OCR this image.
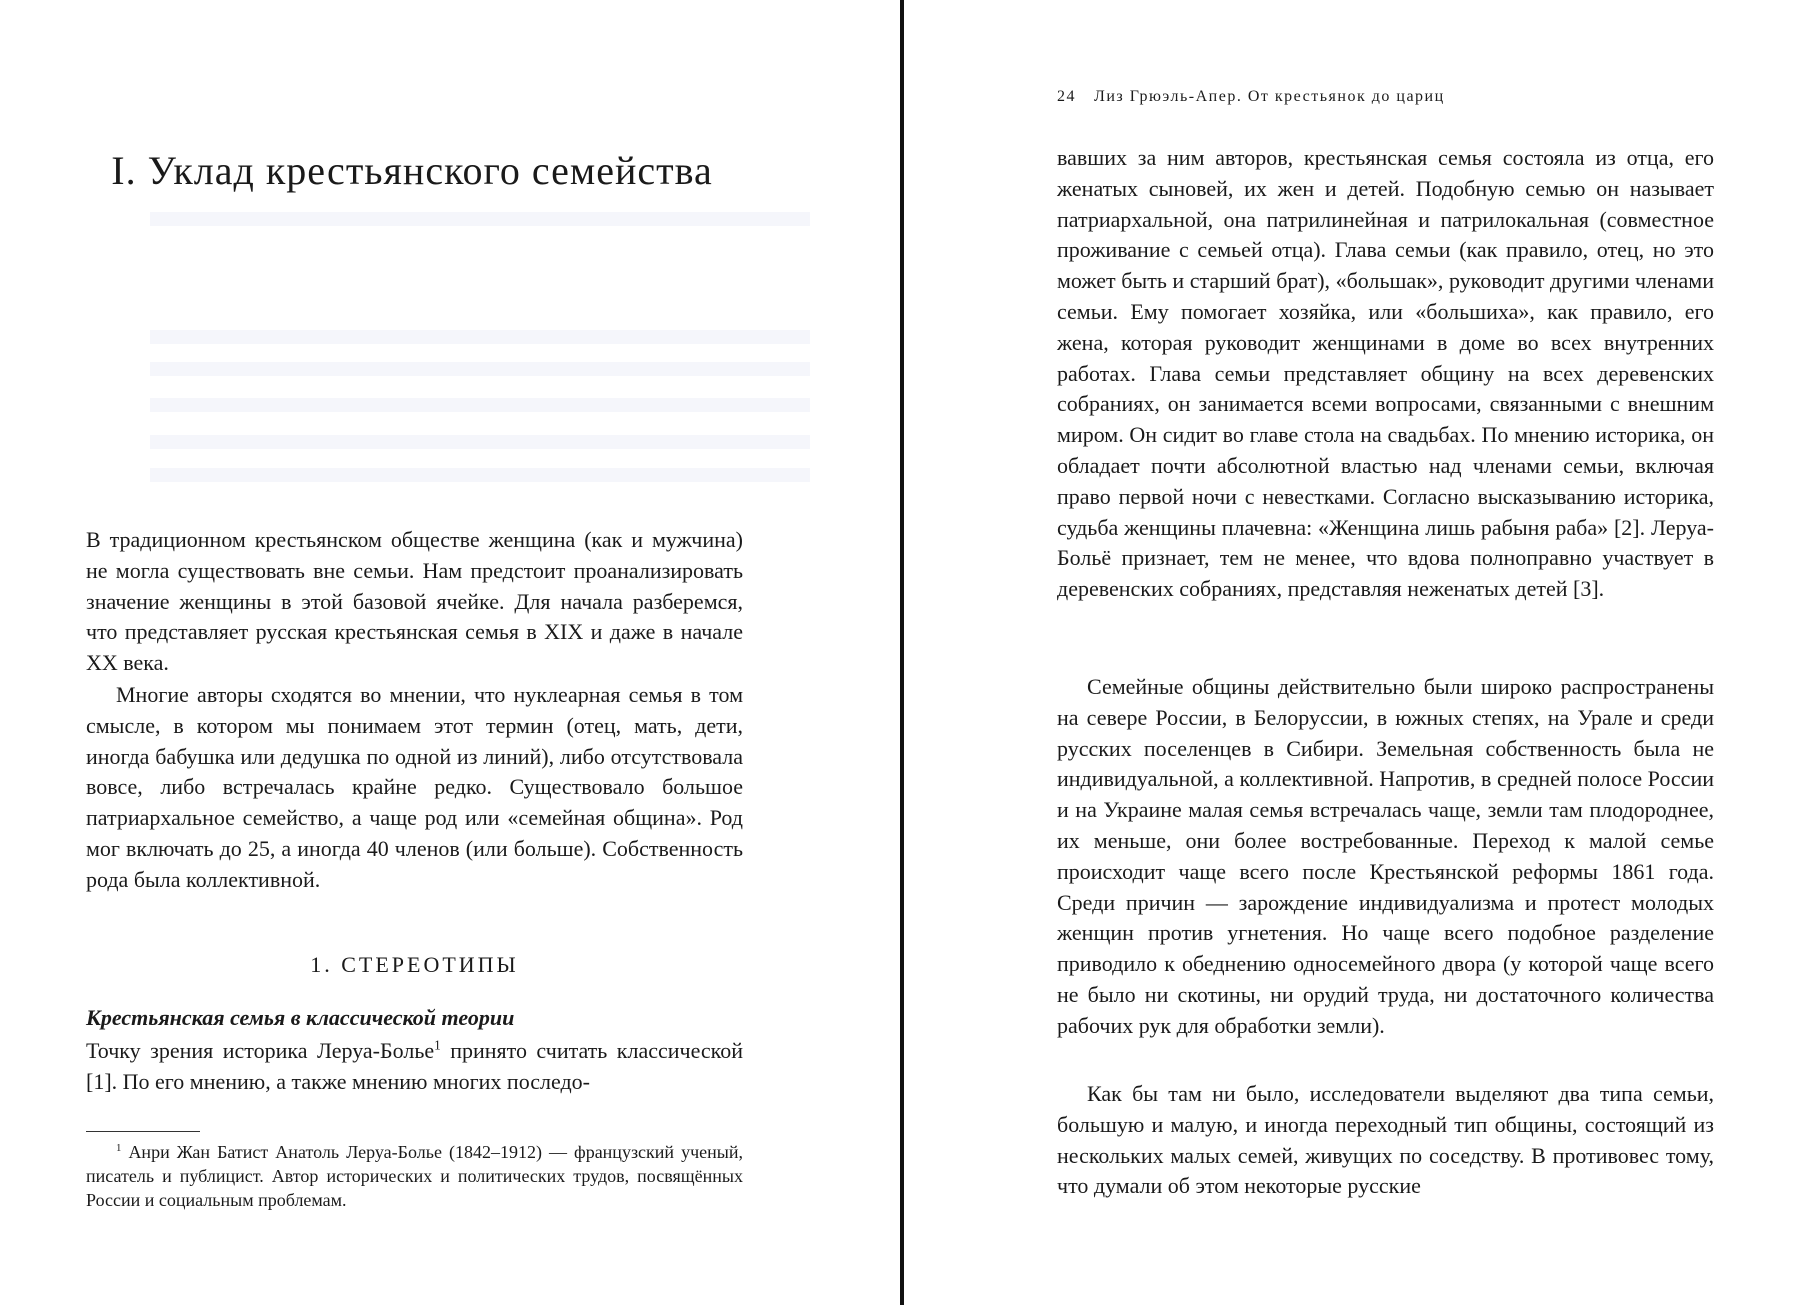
I. Уклад крестьянского семейства

В традиционном крестьянском обществе женщина (как и мужчина) не могла существовать вне семьи. Нам предстоит проанализировать значение женщины в этой базовой ячейке. Для начала разберемся, что представляет русская крестьянская семья в XIX и даже в начале XX века.

Многие авторы сходятся во мнении, что нуклеарная семья в том смысле, в котором мы понимаем этот термин (отец, мать, дети, иногда бабушка или дедушка по одной из линий), либо отсутствовала вовсе, либо встречалась крайне редко. Существовало большое патриархальное семейство, а чаще род или «семейная община». Род мог включать до 25, а иногда 40 членов (или больше). Собственность рода была коллективной.

1. СТЕРЕОТИПЫ
Крестьянская семья в классической теории

Точку зрения историка Леруа-Болье$^1$ принято считать классической [1]. По его мнению, а также мнению многих последо-

$^1$ Анри Жан Батист Анатоль Леруа-Болье (1842–1912) — французский ученый, писатель и публицист. Автор исторических и политических трудов, посвящённых России и социальным проблемам.

24 Лиз Грюэль-Апер. От крестьянок до цариц

вавших за ним авторов, крестьянская семья состояла из отца, его женатых сыновей, их жен и детей. Подобную семью он называет патриархальной, она патрилинейная и патрилокальная (совместное проживание с семьей отца). Глава семьи (как правило, отец, но это может быть и старший брат), «большак», руководит другими членами семьи. Ему помогает хозяйка, или «большиха», как правило, его жена, которая руководит женщинами в доме во всех внутренних работах. Глава семьи представляет общину на всех деревенских собраниях, он занимается всеми вопросами, связанными с внешним миром. Он сидит во главе стола на свадьбах. По мнению историка, он обладает почти абсолютной властью над членами семьи, включая право первой ночи с невестками. Согласно высказыванию историка, судьба женщины плачевна: «Женщина лишь рабыня раба» [2]. Леруа-Больё признает, тем не менее, что вдова полноправно участвует в деревенских собраниях, представляя неженатых детей [3].

Семейные общины действительно были широко распространены на севере России, в Белоруссии, в южных степях, на Урале и среди русских поселенцев в Сибири. Земельная собственность была не индивидуальной, а коллективной. Напротив, в средней полосе России и на Украине малая семья встречалась чаще, земли там плодороднее, их меньше, они более востребованные. Переход к малой семье происходит чаще всего после Крестьянской реформы 1861 года. Среди причин — зарождение индивидуализма и протест молодых женщин против угнетения. Но чаще всего подобное разделение приводило к обеднению односемейного двора (у которой чаще всего не было ни скотины, ни орудий труда, ни достаточного количества рабочих рук для обработки земли).

Как бы там ни было, исследователи выделяют два типа семьи, большую и малую, и иногда переходный тип общины, состоящий из нескольких малых семей, живущих по соседству. В противовес тому, что думали об этом некоторые русские
